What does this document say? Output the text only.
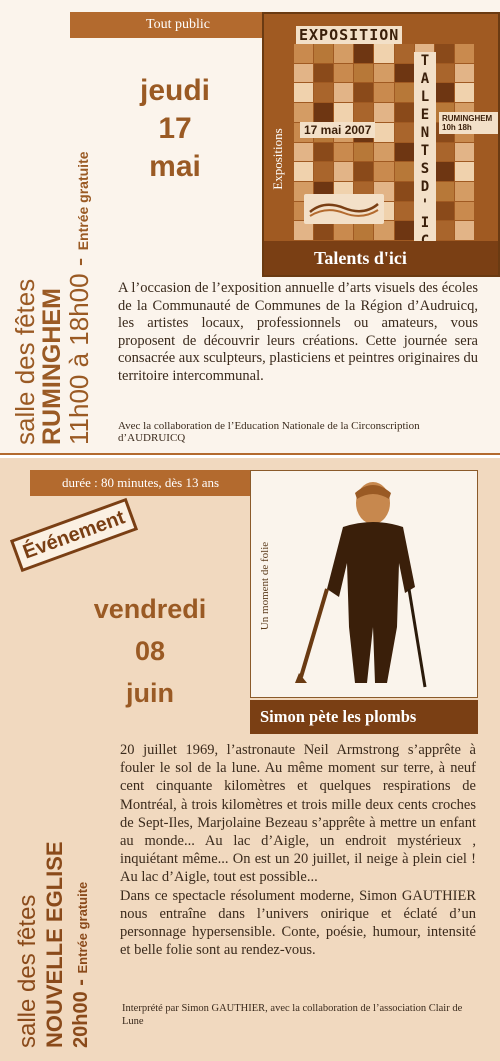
Tout public
jeudi
17
mai
salle des fêtes
RUMINGHEM
11h00 à 18h00 - Entrée gratuite	Expositions
EXPOSITION
T
A
L
E
N
T
S
D
'
I
17 mai 2007
RUMINGHEM 10h 18h
Talents d'ici
A l’occasion de l’exposition annuelle d’arts visuels des écoles de la Communauté de Communes de la Région d’Audruicq, les artistes locaux, professionnels ou amateurs, vous proposent de découvrir leurs créations. Cette journée sera consacrée aux sculpteurs, plasticiens et peintres originaires du territoire intercommunal.
Avec la collaboration de l’Education Nationale de la Circonscription d’AUDRUICQ
durée : 80 minutes, dès 13 ans
Événement
vendredi
08
juin
Un moment de folie
Simon pète les plombs
salle des fêtes NOUVELLE EGLISE 20h00 - Entrée gratuite

20 juillet 1969, l’astronaute Neil Armstrong s’apprête à fouler le sol de la lune. Au même moment sur terre, à neuf cent cinquante kilomètres et quelques respirations de Montréal, à trois kilomètres et trois mille deux cents croches de Sept-Iles, Marjolaine Bezeau s’apprête à mettre un enfant au monde... Au lac d’Aigle, un endroit mystérieux , inquiétant même... On est un 20 juillet, il neige à plein ciel ! Au lac d’Aigle, tout est possible...

Dans ce spectacle résolument moderne, Simon GAUTHIER nous entraîne dans l’univers onirique et éclaté d’un personnage hypersensible. Conte, poésie, humour, intensité et belle folie sont au rendez-vous.

Interprété par Simon GAUTHIER, avec la collaboration de l’association Clair de Lune
